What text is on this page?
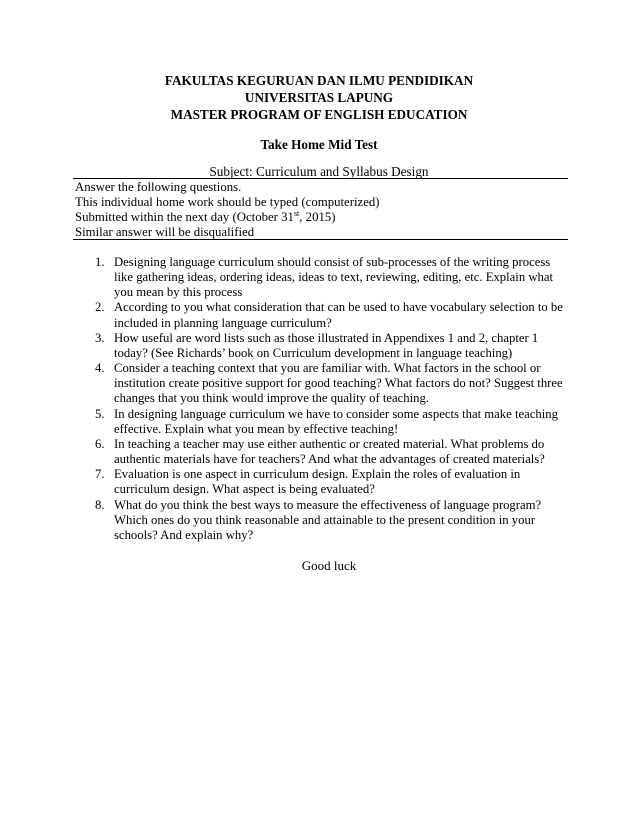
FAKULTAS KEGURUAN DAN ILMU PENDIDIKAN
UNIVERSITAS LAPUNG
MASTER PROGRAM OF ENGLISH EDUCATION
Take Home Mid Test
Subject: Curriculum and Syllabus Design
Answer the following questions.
This individual home work should be typed (computerized)
Submitted within the next day (October 31st, 2015)
Similar answer will be disqualified
1. Designing language curriculum should consist of sub-processes of the writing process
like gathering ideas, ordering ideas, ideas to text, reviewing, editing, etc. Explain what
you mean by this process
2. According to you what consideration that can be used to have vocabulary selection to be
included in planning language curriculum?
3. How useful are word lists such as those illustrated in Appendixes 1 and 2, chapter 1
today? (See Richards’ book on Curriculum development in language teaching)
4. Consider a teaching context that you are familiar with. What factors in the school or
institution create positive support for good teaching? What factors do not? Suggest three
changes that you think would improve the quality of teaching.
5. In designing language curriculum we have to consider some aspects that make teaching
effective. Explain what you mean by effective teaching!
6. In teaching a teacher may use either authentic or created material. What problems do
authentic materials have for teachers? And what the advantages of created materials?
7. Evaluation is one aspect in curriculum design. Explain the roles of evaluation in
curriculum design. What aspect is being evaluated?
8. What do you think the best ways to measure the effectiveness of language program?
Which ones do you think reasonable and attainable to the present condition in your
schools? And explain why?
Good luck
